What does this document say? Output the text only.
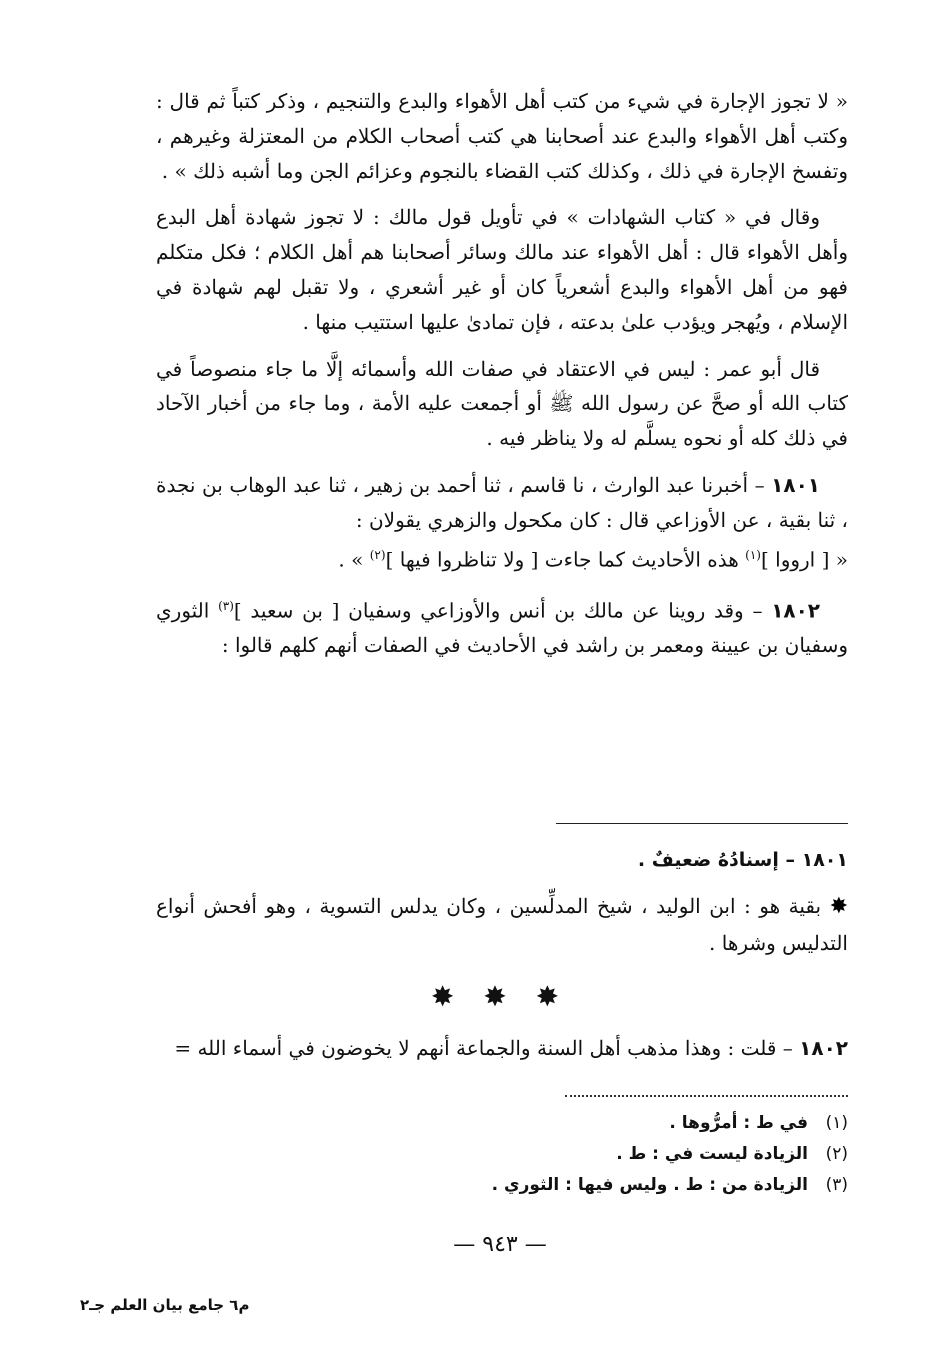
« لا تجوز الإجارة في شيء من كتب أهل الأهواء والبدع والتنجيم ، وذكر كتباً ثم قال : وكتب أهل الأهواء والبدع عند أصحابنا هي كتب أصحاب الكلام من المعتزلة وغيرهم ، وتفسخ الإجارة في ذلك ، وكذلك كتب القضاء بالنجوم وعزائم الجن وما أشبه ذلك » .

وقال في « كتاب الشهادات » في تأويل قول مالك : لا تجوز شهادة أهل البدع وأهل الأهواء قال : أهل الأهواء عند مالك وسائر أصحابنا هم أهل الكلام ؛ فكل متكلم فهو من أهل الأهواء والبدع أشعرياً كان أو غير أشعري ، ولا تقبل لهم شهادة في الإسلام ، ويُهجر ويؤدب علىٰ بدعته ، فإن تمادىٰ عليها استتيب منها .

قال أبو عمر : ليس في الاعتقاد في صفات الله وأسمائه إلَّا ما جاء منصوصاً في كتاب الله أو صحَّ عن رسول الله ﷺ أو أجمعت عليه الأمة ، وما جاء من أخبار الآحاد في ذلك كله أو نحوه يسلَّم له ولا يناظر فيه .

١٨٠١ – أخبرنا عبد الوارث ، نا قاسم ، ثنا أحمد بن زهير ، ثنا عبد الوهاب بن نجدة ، ثنا بقية ، عن الأوزاعي قال : كان مكحول والزهري يقولان :
« [ ارووا ]$^{(١)}$ هذه الأحاديث كما جاءت [ ولا تناظروا فيها ]$^{(٢)}$ » .

١٨٠٢ – وقد روينا عن مالك بن أنس والأوزاعي وسفيان [ بن سعيد ]$^{(٣)}$ الثوري وسفيان بن عيينة ومعمر بن راشد في الأحاديث في الصفات أنهم كلهم قالوا :

١٨٠١ – إسنادُهُ ضعيفٌ .

✸ بقية هو : ابن الوليد ، شيخ المدلِّسين ، وكان يدلس التسوية ، وهو أفحش أنواع التدليس وشرها .

✸ ✸ ✸

١٨٠٢ – قلت : وهذا مذهب أهل السنة والجماعة أنهم لا يخوضون في أسماء الله =

(١)
في ط : أمرُّوها .
(٢)
الزيادة ليست في : ط .
(٣)
الزيادة من : ط . وليس فيها : الثوري .
— ٩٤٣ —
م٦ جامع بيان العلم جـ٢
